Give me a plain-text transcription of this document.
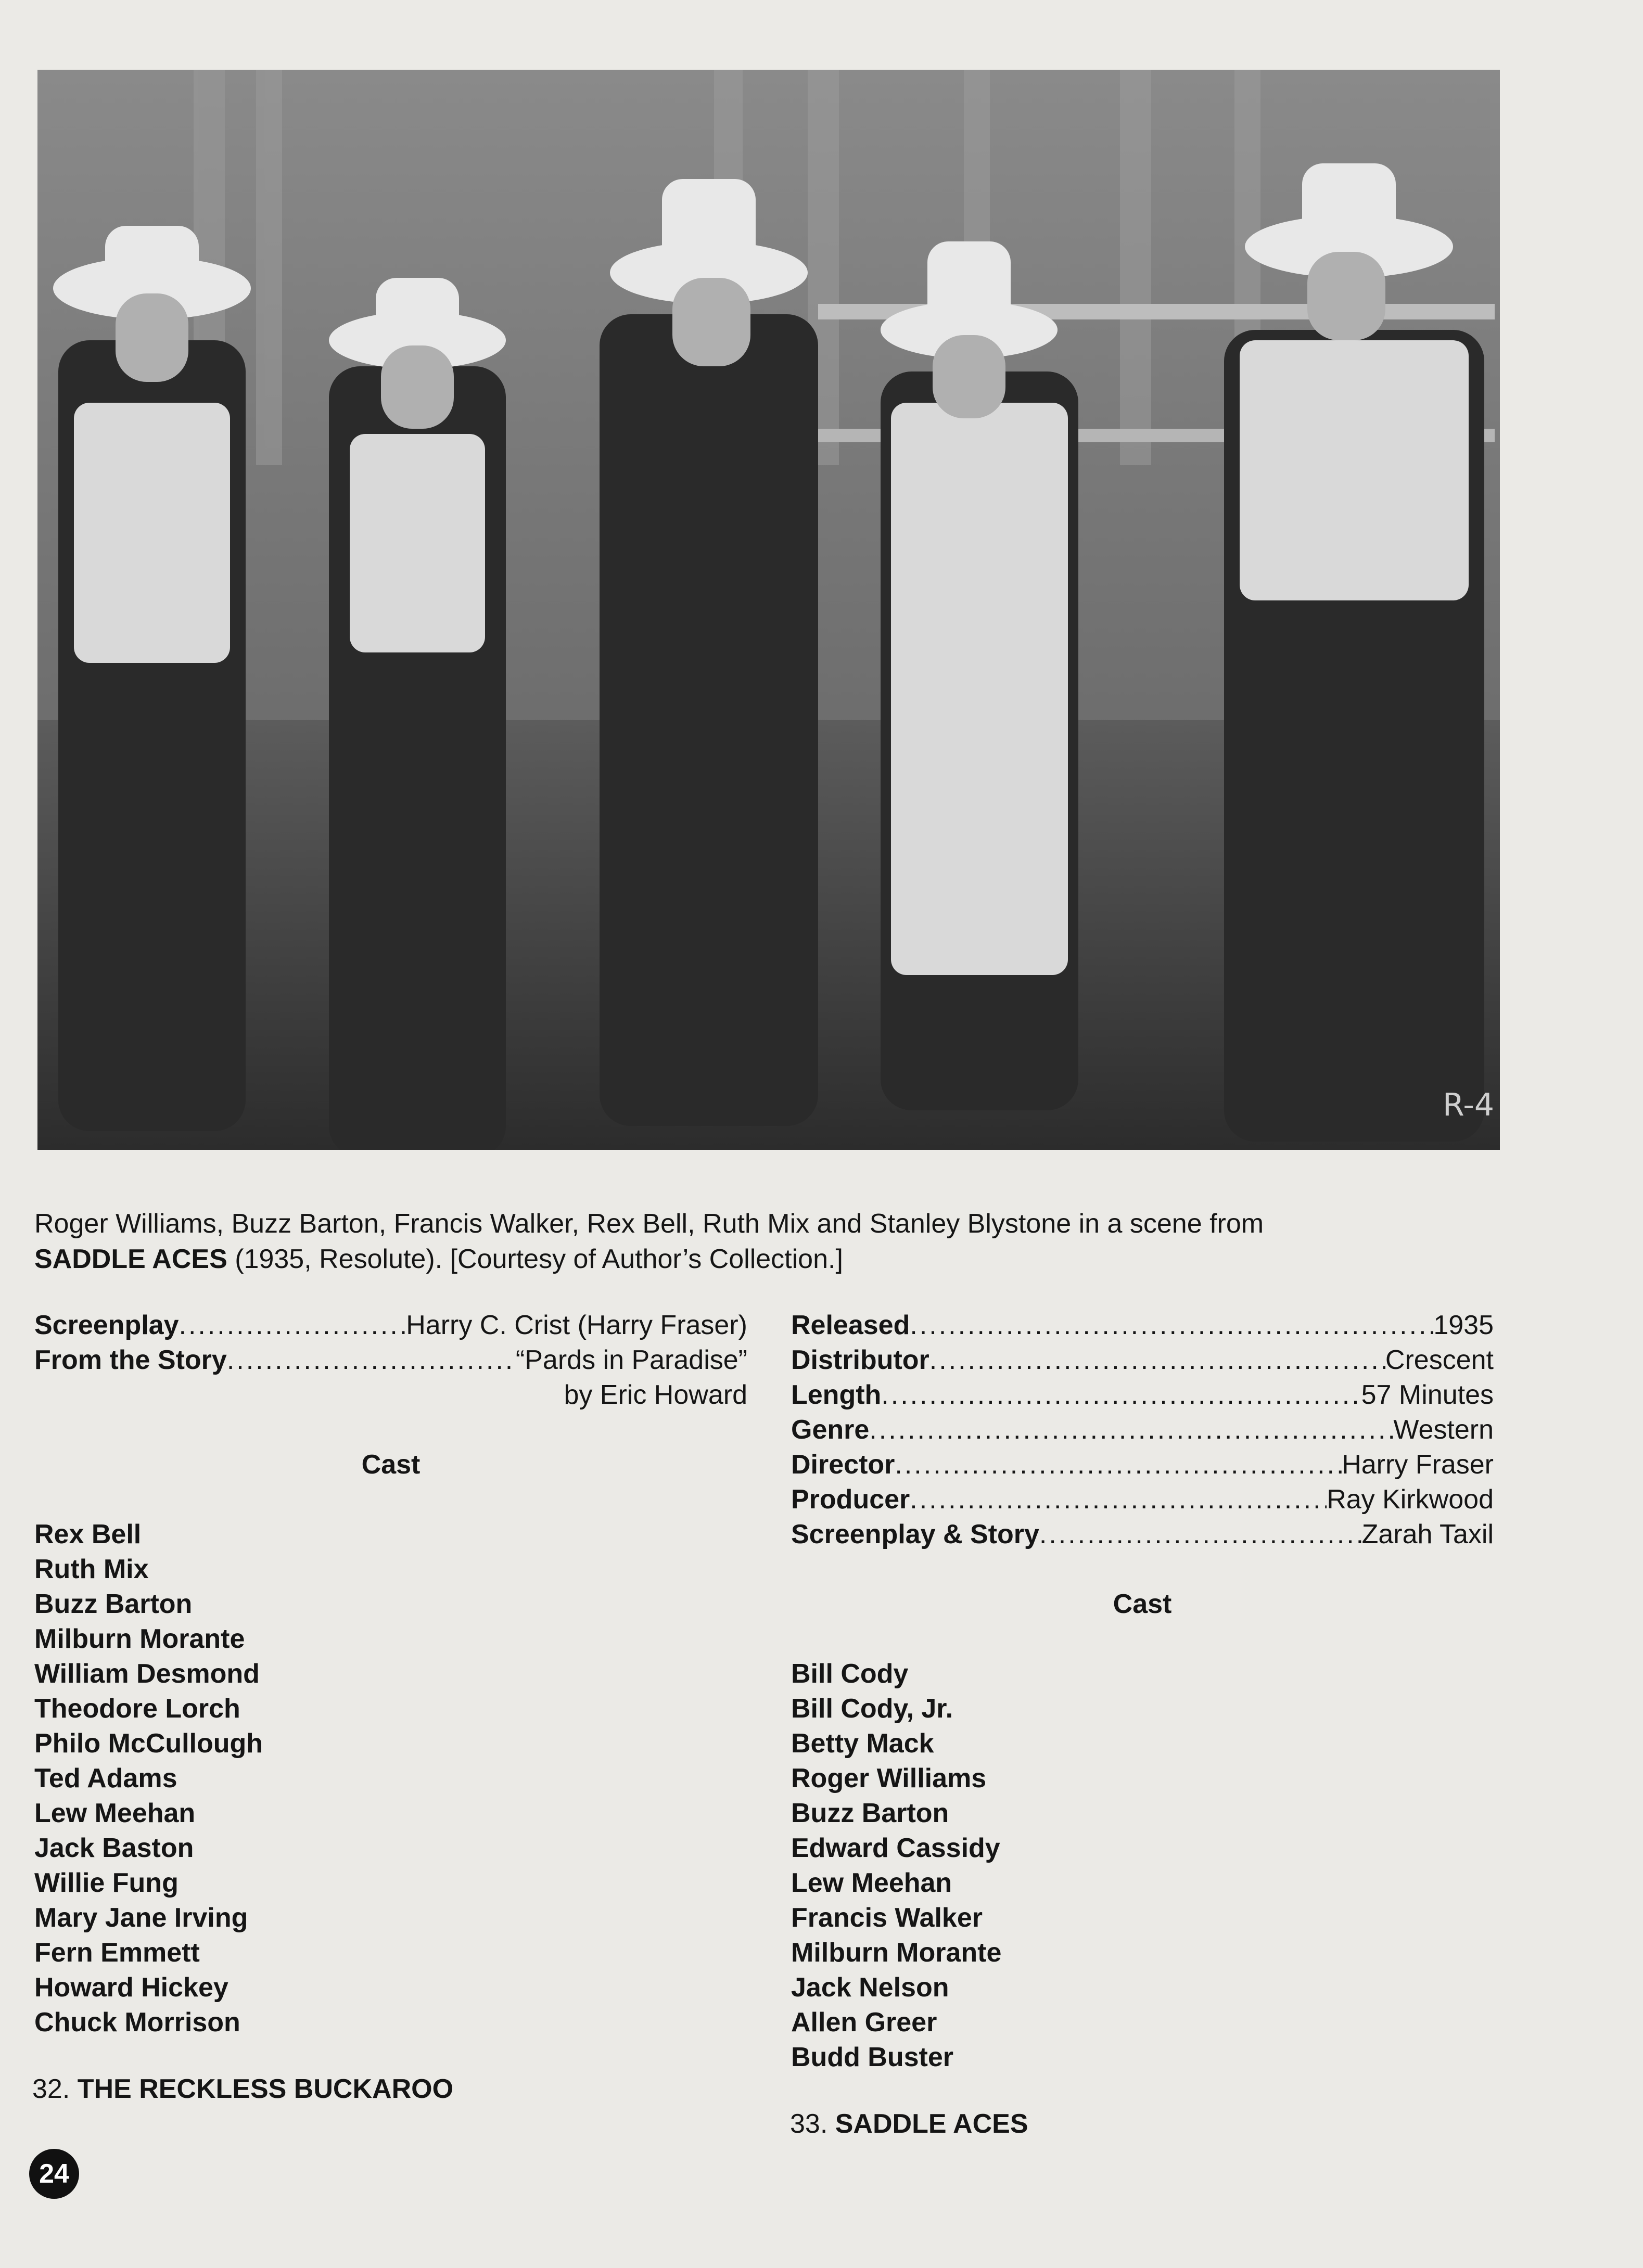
R-4
Roger Williams, Buzz Barton, Francis Walker, Rex Bell, Ruth Mix and Stanley Blystone in a scene from
SADDLE ACES (1935, Resolute). [Courtesy of Author’s Collection.]
Screenplay .....	Harry C. Crist (Harry Fraser)
From the Story .....	“Pards in Paradise”
by Eric Howard

Cast

Rex Bell
Ruth Mix
Buzz Barton
Milburn Morante
William Desmond
Theodore Lorch
Philo McCullough
Ted Adams
Lew Meehan
Jack Baston
Willie Fung
Mary Jane Irving
Fern Emmett
Howard Hickey
Chuck Morrison
32. THE RECKLESS BUCKAROO
Released .....	1935
Distributor .....	Crescent
Length .....	57 Minutes
Genre .....	Western
Director .....	Harry Fraser
Producer .....	Ray Kirkwood
Screenplay & Story .....	Zarah Taxil

Cast

Bill Cody
Bill Cody, Jr.
Betty Mack
Roger Williams
Buzz Barton
Edward Cassidy
Lew Meehan
Francis Walker
Milburn Morante
Jack Nelson
Allen Greer
Budd Buster
33. SADDLE ACES
24
